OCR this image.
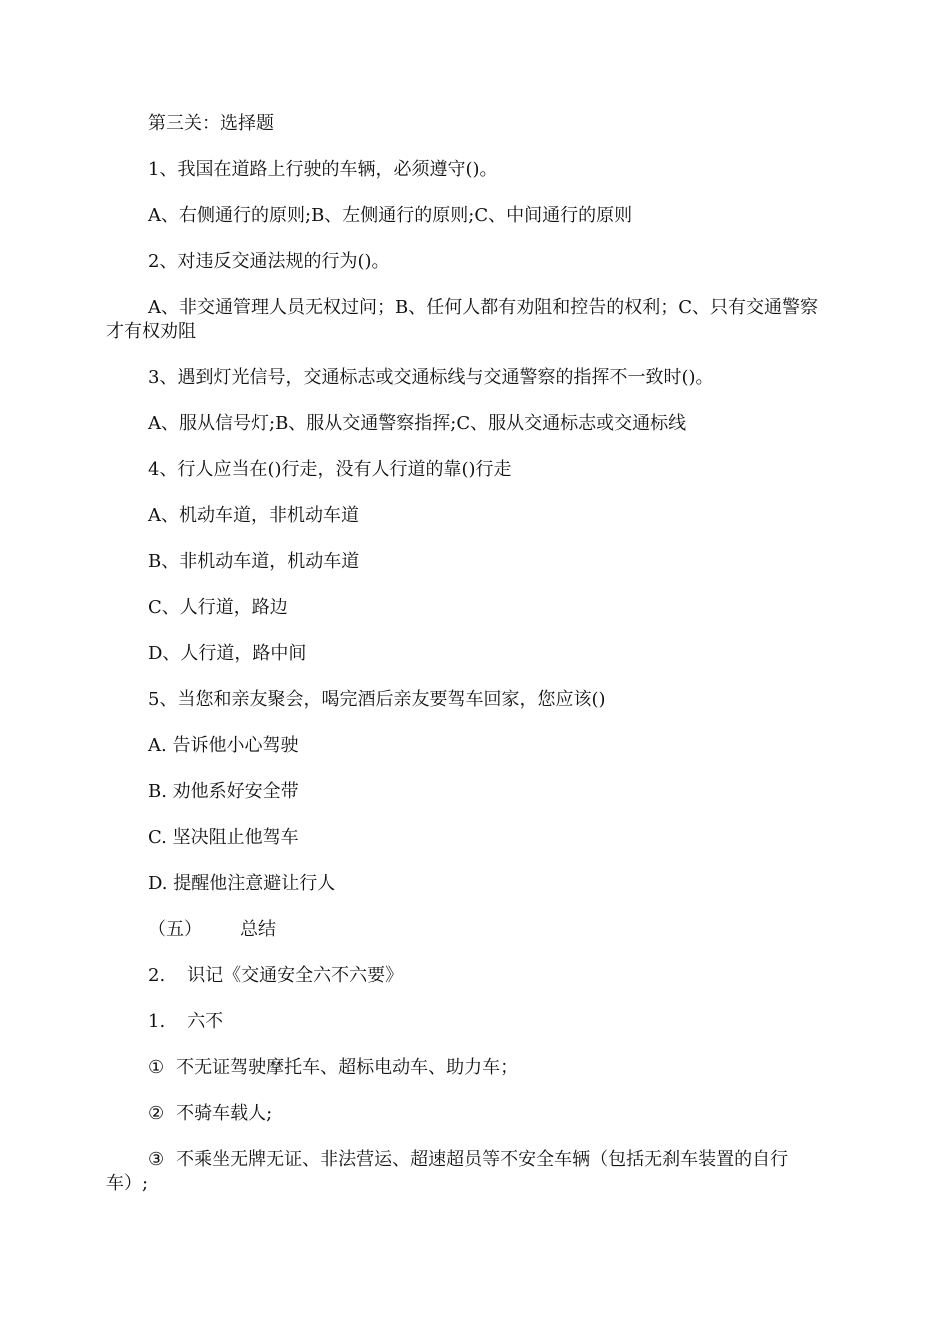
第三关：选择题

1、我国在道路上行驶的车辆，必须遵守()。

A、右侧通行的原则;B、左侧通行的原则;C、中间通行的原则

2、对违反交通法规的行为()。

A、非交通管理人员无权过问；B、任何人都有劝阻和控告的权利；C、只有交通警察才有权劝阻

3、遇到灯光信号，交通标志或交通标线与交通警察的指挥不一致时()。

A、服从信号灯;B、服从交通警察指挥;C、服从交通标志或交通标线

4、行人应当在()行走，没有人行道的靠()行走

A、机动车道，非机动车道

B、非机动车道，机动车道

C、人行道，路边

D、人行道，路中间

5、当您和亲友聚会，喝完酒后亲友要驾车回家，您应该()

A. 告诉他小心驾驶

B. 劝他系好安全带

C. 坚决阻止他驾车

D. 提醒他注意避让行人

（五） 总结

2. 识记《交通安全六不六要》

1. 六不

① 不无证驾驶摩托车、超标电动车、助力车；

② 不骑车载人;

③ 不乘坐无牌无证、非法营运、超速超员等不安全车辆（包括无刹车装置的自行车）;
